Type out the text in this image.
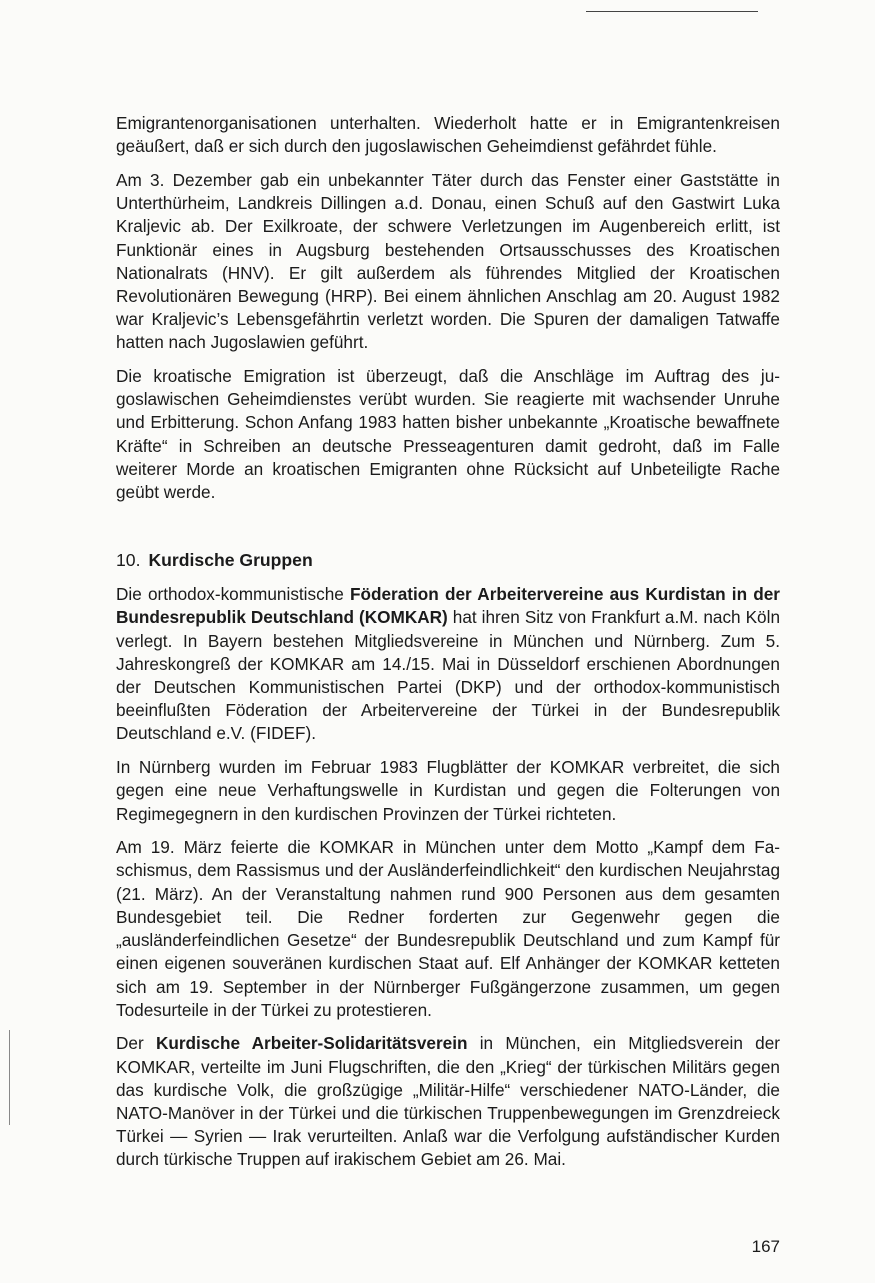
Emigrantenorganisationen unterhalten. Wiederholt hatte er in Emigrantenkreisen geäußert, daß er sich durch den jugoslawischen Geheimdienst gefährdet fühle.

Am 3. Dezember gab ein unbekannter Täter durch das Fenster einer Gaststätte in Unterthürheim, Landkreis Dillingen a.d. Donau, einen Schuß auf den Gastwirt Luka Kraljevic ab. Der Exilkroate, der schwere Verletzungen im Augenbereich erlitt, ist Funktionär eines in Augsburg bestehenden Ortsausschusses des Kroatischen Nationalrats (HNV). Er gilt außerdem als führendes Mitglied der Kroatischen Revolutionären Bewegung (HRP). Bei einem ähnlichen Anschlag am 20. August 1982 war Kraljevic’s Lebensgefährtin verletzt worden. Die Spuren der damaligen Tatwaffe hatten nach Jugoslawien geführt.

Die kroatische Emigration ist überzeugt, daß die Anschläge im Auftrag des jugoslawischen Geheimdienstes verübt wurden. Sie reagierte mit wachsender Unruhe und Erbitterung. Schon Anfang 1983 hatten bisher unbekannte „Kroatische bewaffnete Kräfte“ in Schreiben an deutsche Presseagenturen damit gedroht, daß im Falle weiterer Morde an kroatischen Emigranten ohne Rücksicht auf Unbeteiligte Rache geübt werde.

10. Kurdische Gruppen

Die orthodox-kommunistische Föderation der Arbeitervereine aus Kurdistan in der Bundesrepublik Deutschland (KOMKAR) hat ihren Sitz von Frankfurt a.M. nach Köln verlegt. In Bayern bestehen Mitgliedsvereine in München und Nürnberg. Zum 5. Jahreskongreß der KOMKAR am 14./15. Mai in Düsseldorf erschienen Abordnungen der Deutschen Kommunistischen Partei (DKP) und der orthodox-kommunistisch beeinflußten Föderation der Arbeitervereine der Türkei in der Bundesrepublik Deutschland e.V. (FIDEF).

In Nürnberg wurden im Februar 1983 Flugblätter der KOMKAR verbreitet, die sich gegen eine neue Verhaftungswelle in Kurdistan und gegen die Folterungen von Regimegegnern in den kurdischen Provinzen der Türkei richteten.

Am 19. März feierte die KOMKAR in München unter dem Motto „Kampf dem Faschismus, dem Rassismus und der Ausländerfeindlichkeit“ den kurdischen Neujahrstag (21. März). An der Veranstaltung nahmen rund 900 Personen aus dem gesamten Bundesgebiet teil. Die Redner forderten zur Gegenwehr gegen die „ausländerfeindlichen Gesetze“ der Bundesrepublik Deutschland und zum Kampf für einen eigenen souveränen kurdischen Staat auf. Elf Anhänger der KOMKAR ketteten sich am 19. September in der Nürnberger Fußgängerzone zusammen, um gegen Todesurteile in der Türkei zu protestieren.

Der Kurdische Arbeiter-Solidaritätsverein in München, ein Mitgliedsverein der KOMKAR, verteilte im Juni Flugschriften, die den „Krieg“ der türkischen Militärs gegen das kurdische Volk, die großzügige „Militär-Hilfe“ verschiedener NATO-Länder, die NATO-Manöver in der Türkei und die türkischen Truppenbewegungen im Grenzdreieck Türkei — Syrien — Irak verurteilten. Anlaß war die Verfolgung aufständischer Kurden durch türkische Truppen auf irakischem Gebiet am 26. Mai.

167
